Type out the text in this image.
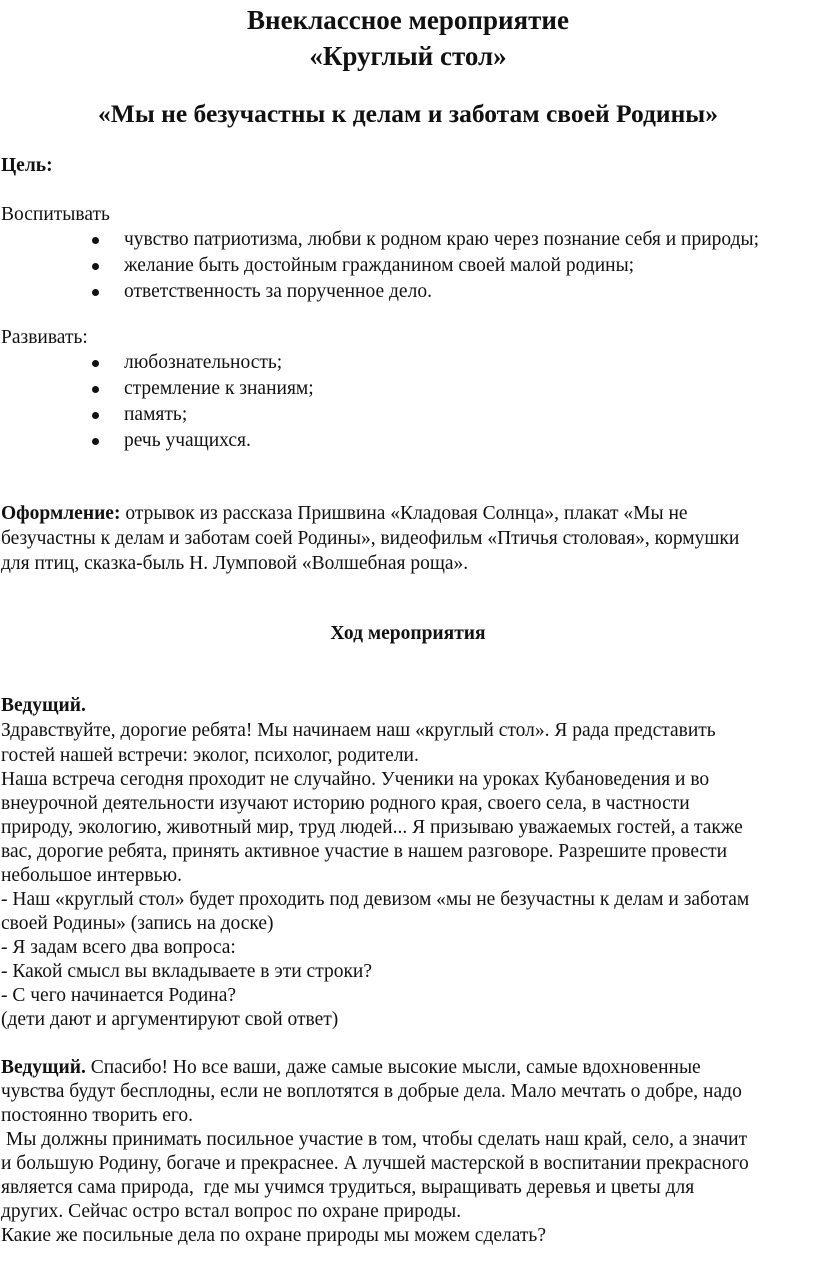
Внеклассное мероприятие
«Круглый стол»
«Мы не безучастны к делам и заботам своей Родины»
Цель:
Воспитывать
чувство патриотизма, любви к родном краю через познание себя и природы;
желание быть достойным гражданином своей малой родины;
ответственность за порученное дело.
Развивать:
любознательность;
стремление к знаниям;
память;
речь учащихся.
Оформление: отрывок из рассказа Пришвина «Кладовая Солнца», плакат «Мы не
безучастны к делам и заботам соей Родины», видеофильм «Птичья столовая», кормушки
для птиц, сказка-быль Н. Лумповой «Волшебная роща».
Ход мероприятия
Ведущий.
Здравствуйте, дорогие ребята! Мы начинаем наш «круглый стол». Я рада представить
гостей нашей встречи: эколог, психолог, родители.
Наша встреча сегодня проходит не случайно. Ученики на уроках Кубановедения и во
внеурочной деятельности изучают историю родного края, своего села, в частности
природу, экологию, животный мир, труд людей... Я призываю уважаемых гостей, а также
вас, дорогие ребята, принять активное участие в нашем разговоре. Разрешите провести
небольшое интервью.
- Наш «круглый стол» будет проходить под девизом «мы не безучастны к делам и заботам
своей Родины» (запись на доске)
- Я задам всего два вопроса:
- Какой смысл вы вкладываете в эти строки?
- С чего начинается Родина?
(дети дают и аргументируют свой ответ)
Ведущий. Спасибо! Но все ваши, даже самые высокие мысли, самые вдохновенные
чувства будут бесплодны, если не воплотятся в добрые дела. Мало мечтать о добре, надо
постоянно творить его.
Мы должны принимать посильное участие в том, чтобы сделать наш край, село, а значит
и большую Родину, богаче и прекраснее. А лучшей мастерской в воспитании прекрасного
является сама природа,  где мы учимся трудиться, выращивать деревья и цветы для
других. Сейчас остро встал вопрос по охране природы.
Какие же посильные дела по охране природы мы можем сделать?
